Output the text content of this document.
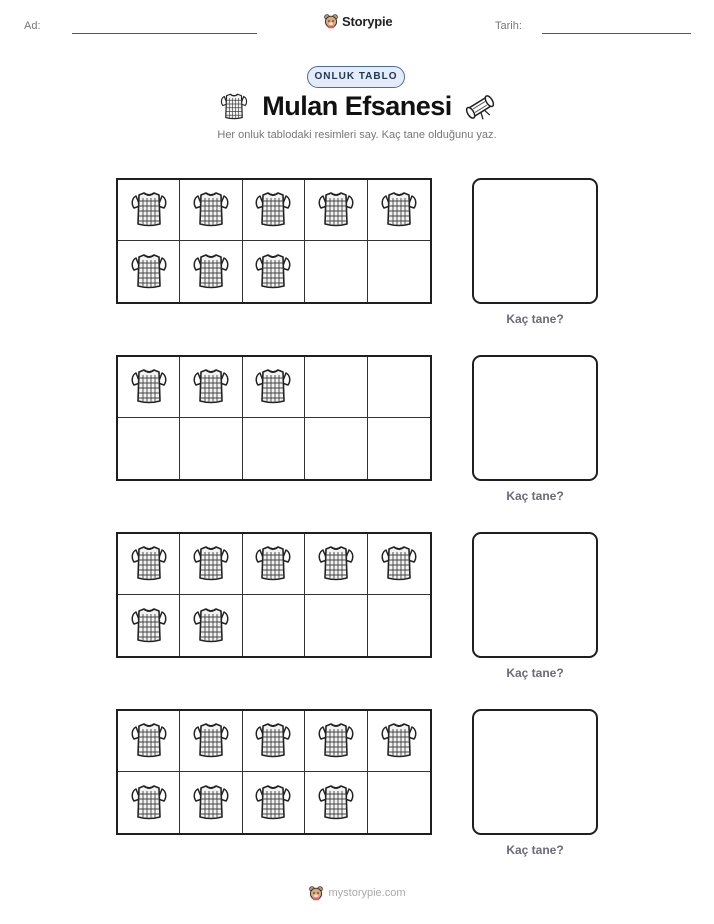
Ad:	Storypie	Tarih:
ONLUK TABLO
Mulan Efsanesi
Her onluk tablodaki resimleri say. Kaç tane olduğunu yaz.
Kaç tane?
Kaç tane?
Kaç tane?
Kaç tane?
mystorypie.com
